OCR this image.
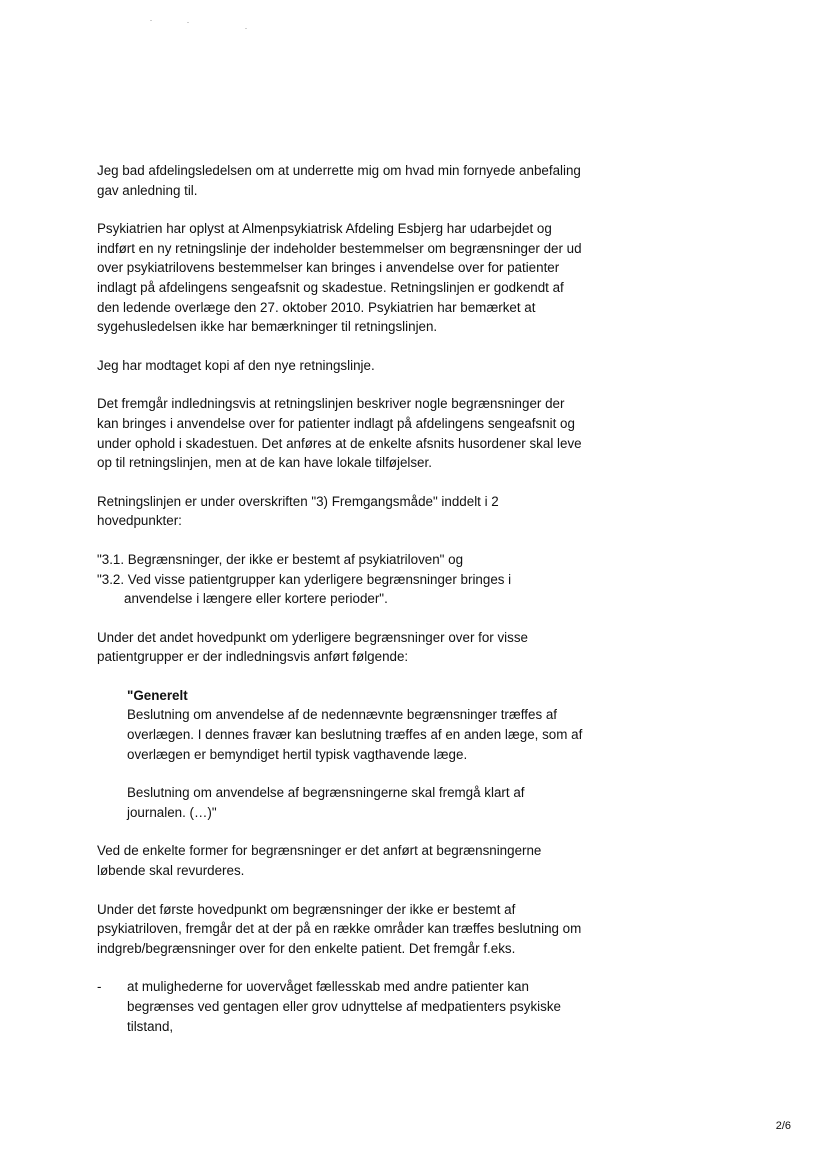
Jeg bad afdelingsledelsen om at underrette mig om hvad min fornyede anbefaling gav anledning til.

Psykiatrien har oplyst at Almenpsykiatrisk Afdeling Esbjerg har udarbejdet og indført en ny retningslinje der indeholder bestemmelser om begrænsninger der ud over psykiatrilovens bestemmelser kan bringes i anvendelse over for patienter indlagt på afdelingens sengeafsnit og skadestue. Retningslinjen er godkendt af den ledende overlæge den 27. oktober 2010. Psykiatrien har bemærket at sygehusledelsen ikke har bemærkninger til retningslinjen.

Jeg har modtaget kopi af den nye retningslinje.

Det fremgår indledningsvis at retningslinjen beskriver nogle begrænsninger der kan bringes i anvendelse over for patienter indlagt på afdelingens sengeafsnit og under ophold i skadestuen. Det anføres at de enkelte afsnits husordener skal leve op til retningslinjen, men at de kan have lokale tilføjelser.

Retningslinjen er under overskriften "3) Fremgangsmåde" inddelt i 2 hovedpunkter:

"3.1. Begrænsninger, der ikke er bestemt af psykiatriloven" og

"3.2. Ved visse patientgrupper kan yderligere begrænsninger bringes i anvendelse i længere eller kortere perioder".

Under det andet hovedpunkt om yderligere begrænsninger over for visse patientgrupper er der indledningsvis anført følgende:

"Generelt

Beslutning om anvendelse af de nedennævnte begrænsninger træffes af overlægen. I dennes fravær kan beslutning træffes af en anden læge, som af overlægen er bemyndiget hertil typisk vagthavende læge.

Beslutning om anvendelse af begrænsningerne skal fremgå klart af journalen. (…)"

Ved de enkelte former for begrænsninger er det anført at begrænsningerne løbende skal revurderes.

Under det første hovedpunkt om begrænsninger der ikke er bestemt af psykiatriloven, fremgår det at der på en række områder kan træffes beslutning om indgreb/begrænsninger over for den enkelte patient. Det fremgår f.eks.

-	at mulighederne for uovervåget fællesskab med andre patienter kan begrænses ved gentagen eller grov udnyttelse af medpatienters psykiske tilstand,
2/6
